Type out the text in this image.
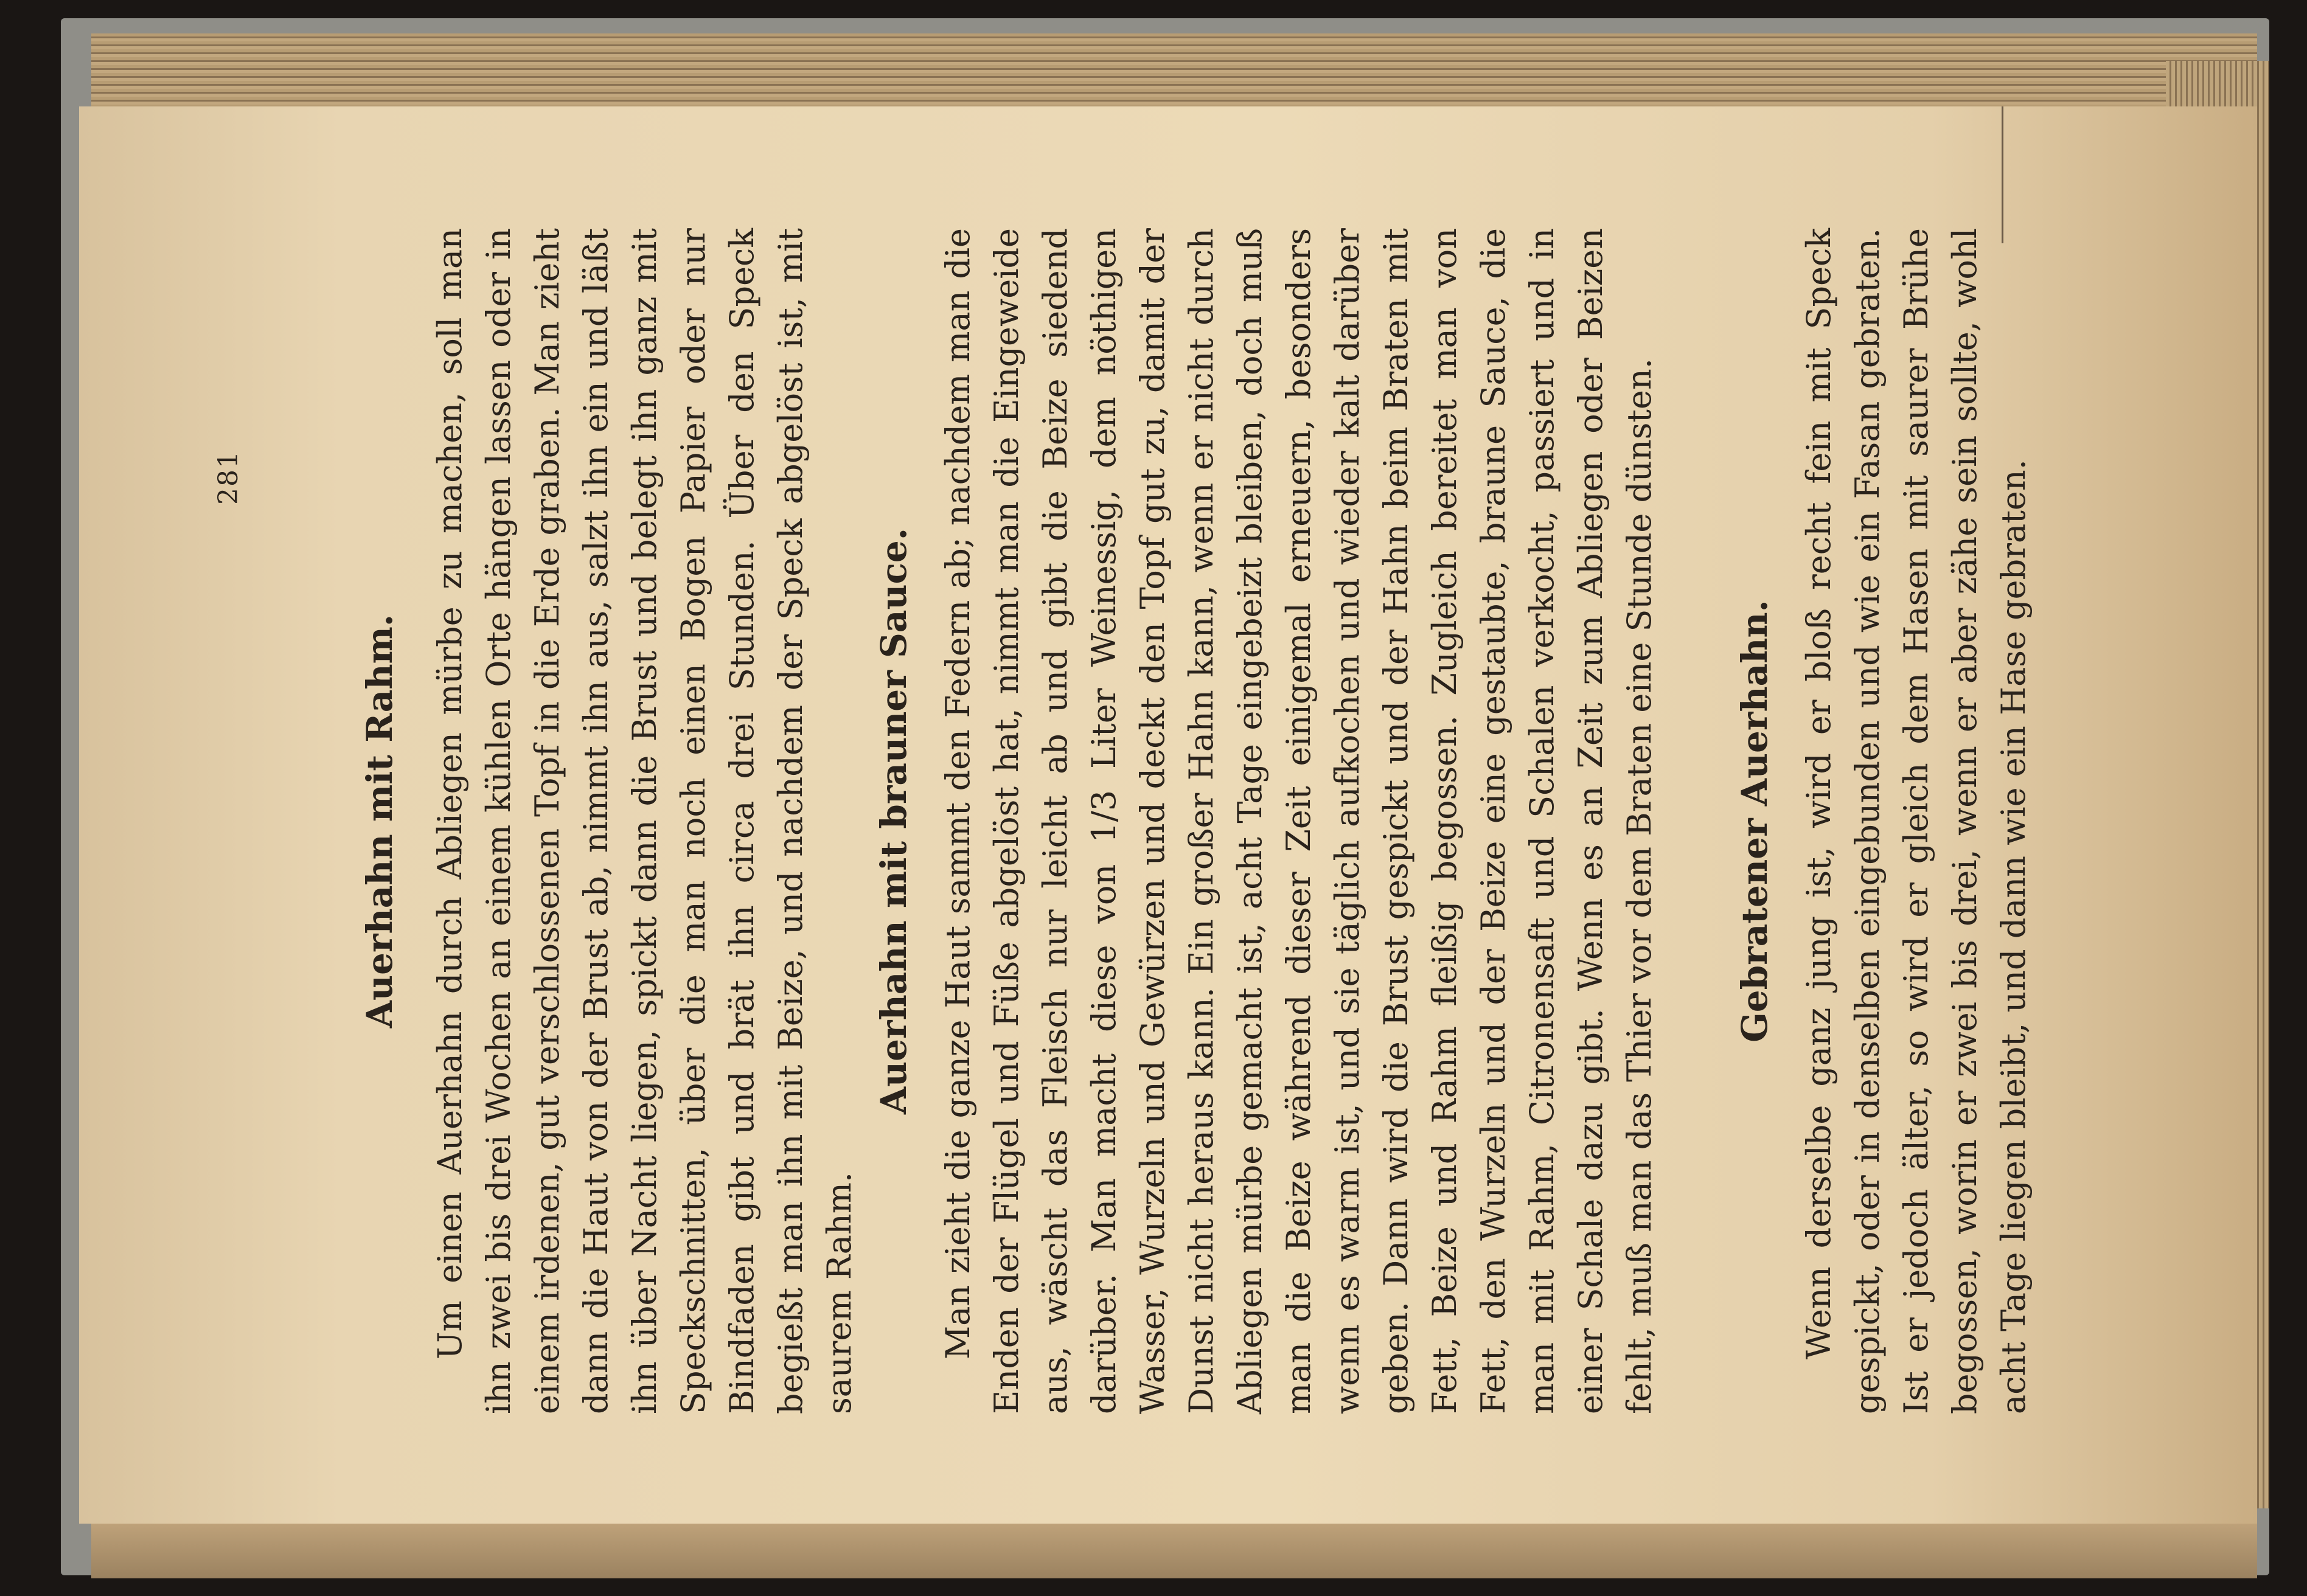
281
Auerhahn mit Rahm. Um einen Auerhahn durch Abliegen mürbe zu machen, soll man ihn zwei bis drei Wochen an einem kühlen Orte hängen lassen oder in einem irdenen, gut verschlossenen Topf in die Erde graben. Man zieht dann die Haut von der Brust ab, nimmt ihn aus, salzt ihn ein und läßt ihn über Nacht liegen, spickt dann die Brust und belegt ihn ganz mit Speckschnitten, über die man noch einen Bogen Papier oder nur Bindfaden gibt und brät ihn circa drei Stunden. Über den Speck begießt man ihn mit Beize, und nachdem der Speck abgelöst ist, mit saurem Rahm.

Auerhahn mit brauner Sauce. Man zieht die ganze Haut sammt den Federn ab; nachdem man die Enden der Flügel und Füße abgelöst hat, nimmt man die Eingeweide aus, wäscht das Fleisch nur leicht ab und gibt die Beize siedend darüber. Man macht diese von 1/3 Liter Weinessig, dem nöthigen Wasser, Wurzeln und Gewürzen und deckt den Topf gut zu, damit der Dunst nicht heraus kann. Ein großer Hahn kann, wenn er nicht durch Abliegen mürbe gemacht ist, acht Tage eingebeizt bleiben, doch muß man die Beize während dieser Zeit einigemal erneuern, besonders wenn es warm ist, und sie täglich aufkochen und wieder kalt darüber geben. Dann wird die Brust gespickt und der Hahn beim Braten mit Fett, Beize und Rahm fleißig begossen. Zugleich bereitet man von Fett, den Wurzeln und der Beize eine gestaubte, braune Sauce, die man mit Rahm, Citronensaft und Schalen verkocht, passiert und in einer Schale dazu gibt. Wenn es an Zeit zum Abliegen oder Beizen fehlt, muß man das Thier vor dem Braten eine Stunde dünsten. Gebratener Auerhahn. Wenn derselbe ganz jung ist, wird er bloß recht fein mit Speck gespickt, oder in denselben eingebunden und wie ein Fasan gebraten. Ist er jedoch älter, so wird er gleich dem Hasen mit saurer Brühe begossen, worin er zwei bis drei, wenn er aber zähe sein sollte, wohl acht Tage liegen bleibt, und dann wie ein Hase gebraten.
